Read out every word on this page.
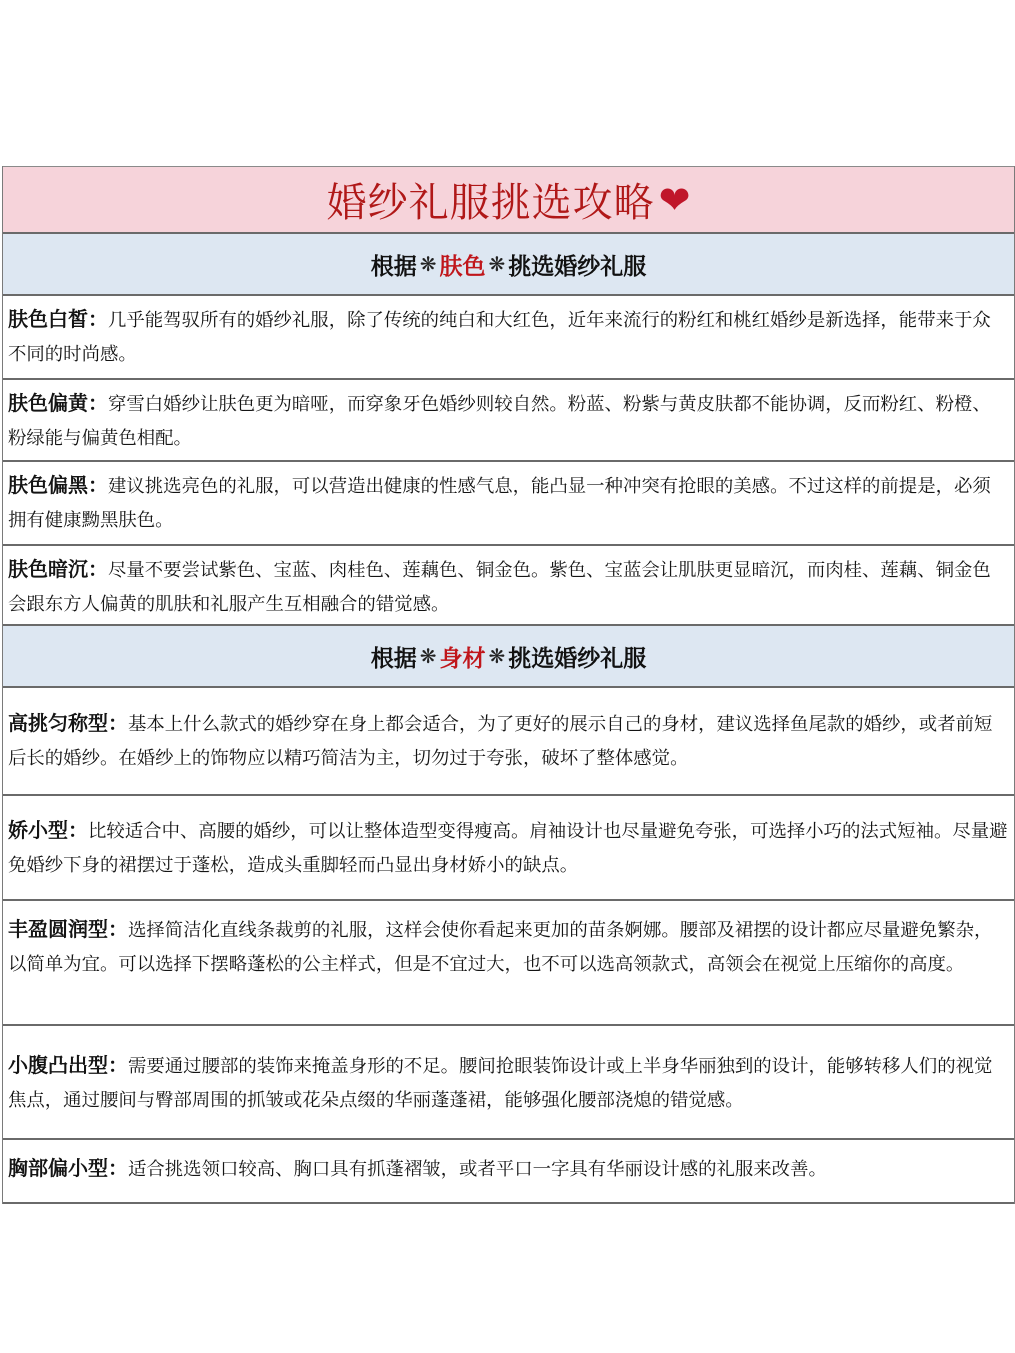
婚纱礼服挑选攻略 ❤
根据 ❋ 肤色 ❋ 挑选婚纱礼服
肤色白皙：几乎能驾驭所有的婚纱礼服，除了传统的纯白和大红色，近年来流行的粉红和桃红婚纱是新选择，能带来于众不同的时尚感。
肤色偏黄：穿雪白婚纱让肤色更为暗哑，而穿象牙色婚纱则较自然。粉蓝、粉紫与黄皮肤都不能协调，反而粉红、粉橙、粉绿能与偏黄色相配。
肤色偏黑：建议挑选亮色的礼服，可以营造出健康的性感气息，能凸显一种冲突有抢眼的美感。不过这样的前提是，必须拥有健康黝黑肤色。
肤色暗沉：尽量不要尝试紫色、宝蓝、肉桂色、莲藕色、铜金色。紫色、宝蓝会让肌肤更显暗沉，而肉桂、莲藕、铜金色会跟东方人偏黄的肌肤和礼服产生互相融合的错觉感。
根据 ❋ 身材 ❋ 挑选婚纱礼服
高挑匀称型：基本上什么款式的婚纱穿在身上都会适合，为了更好的展示自己的身材，建议选择鱼尾款的婚纱，或者前短后长的婚纱。在婚纱上的饰物应以精巧简洁为主，切勿过于夸张，破坏了整体感觉。
娇小型：比较适合中、高腰的婚纱，可以让整体造型变得瘦高。肩袖设计也尽量避免夸张，可选择小巧的法式短袖。尽量避免婚纱下身的裙摆过于蓬松，造成头重脚轻而凸显出身材娇小的缺点。
丰盈圆润型：选择简洁化直线条裁剪的礼服，这样会使你看起来更加的苗条婀娜。腰部及裙摆的设计都应尽量避免繁杂，以简单为宜。可以选择下摆略蓬松的公主样式，但是不宜过大，也不可以选高领款式，高领会在视觉上压缩你的高度。
小腹凸出型：需要通过腰部的装饰来掩盖身形的不足。腰间抢眼装饰设计或上半身华丽独到的设计，能够转移人们的视觉焦点，通过腰间与臀部周围的抓皱或花朵点缀的华丽蓬蓬裙，能够强化腰部浇熄的错觉感。
胸部偏小型：适合挑选领口较高、胸口具有抓蓬褶皱，或者平口一字具有华丽设计感的礼服来改善。
